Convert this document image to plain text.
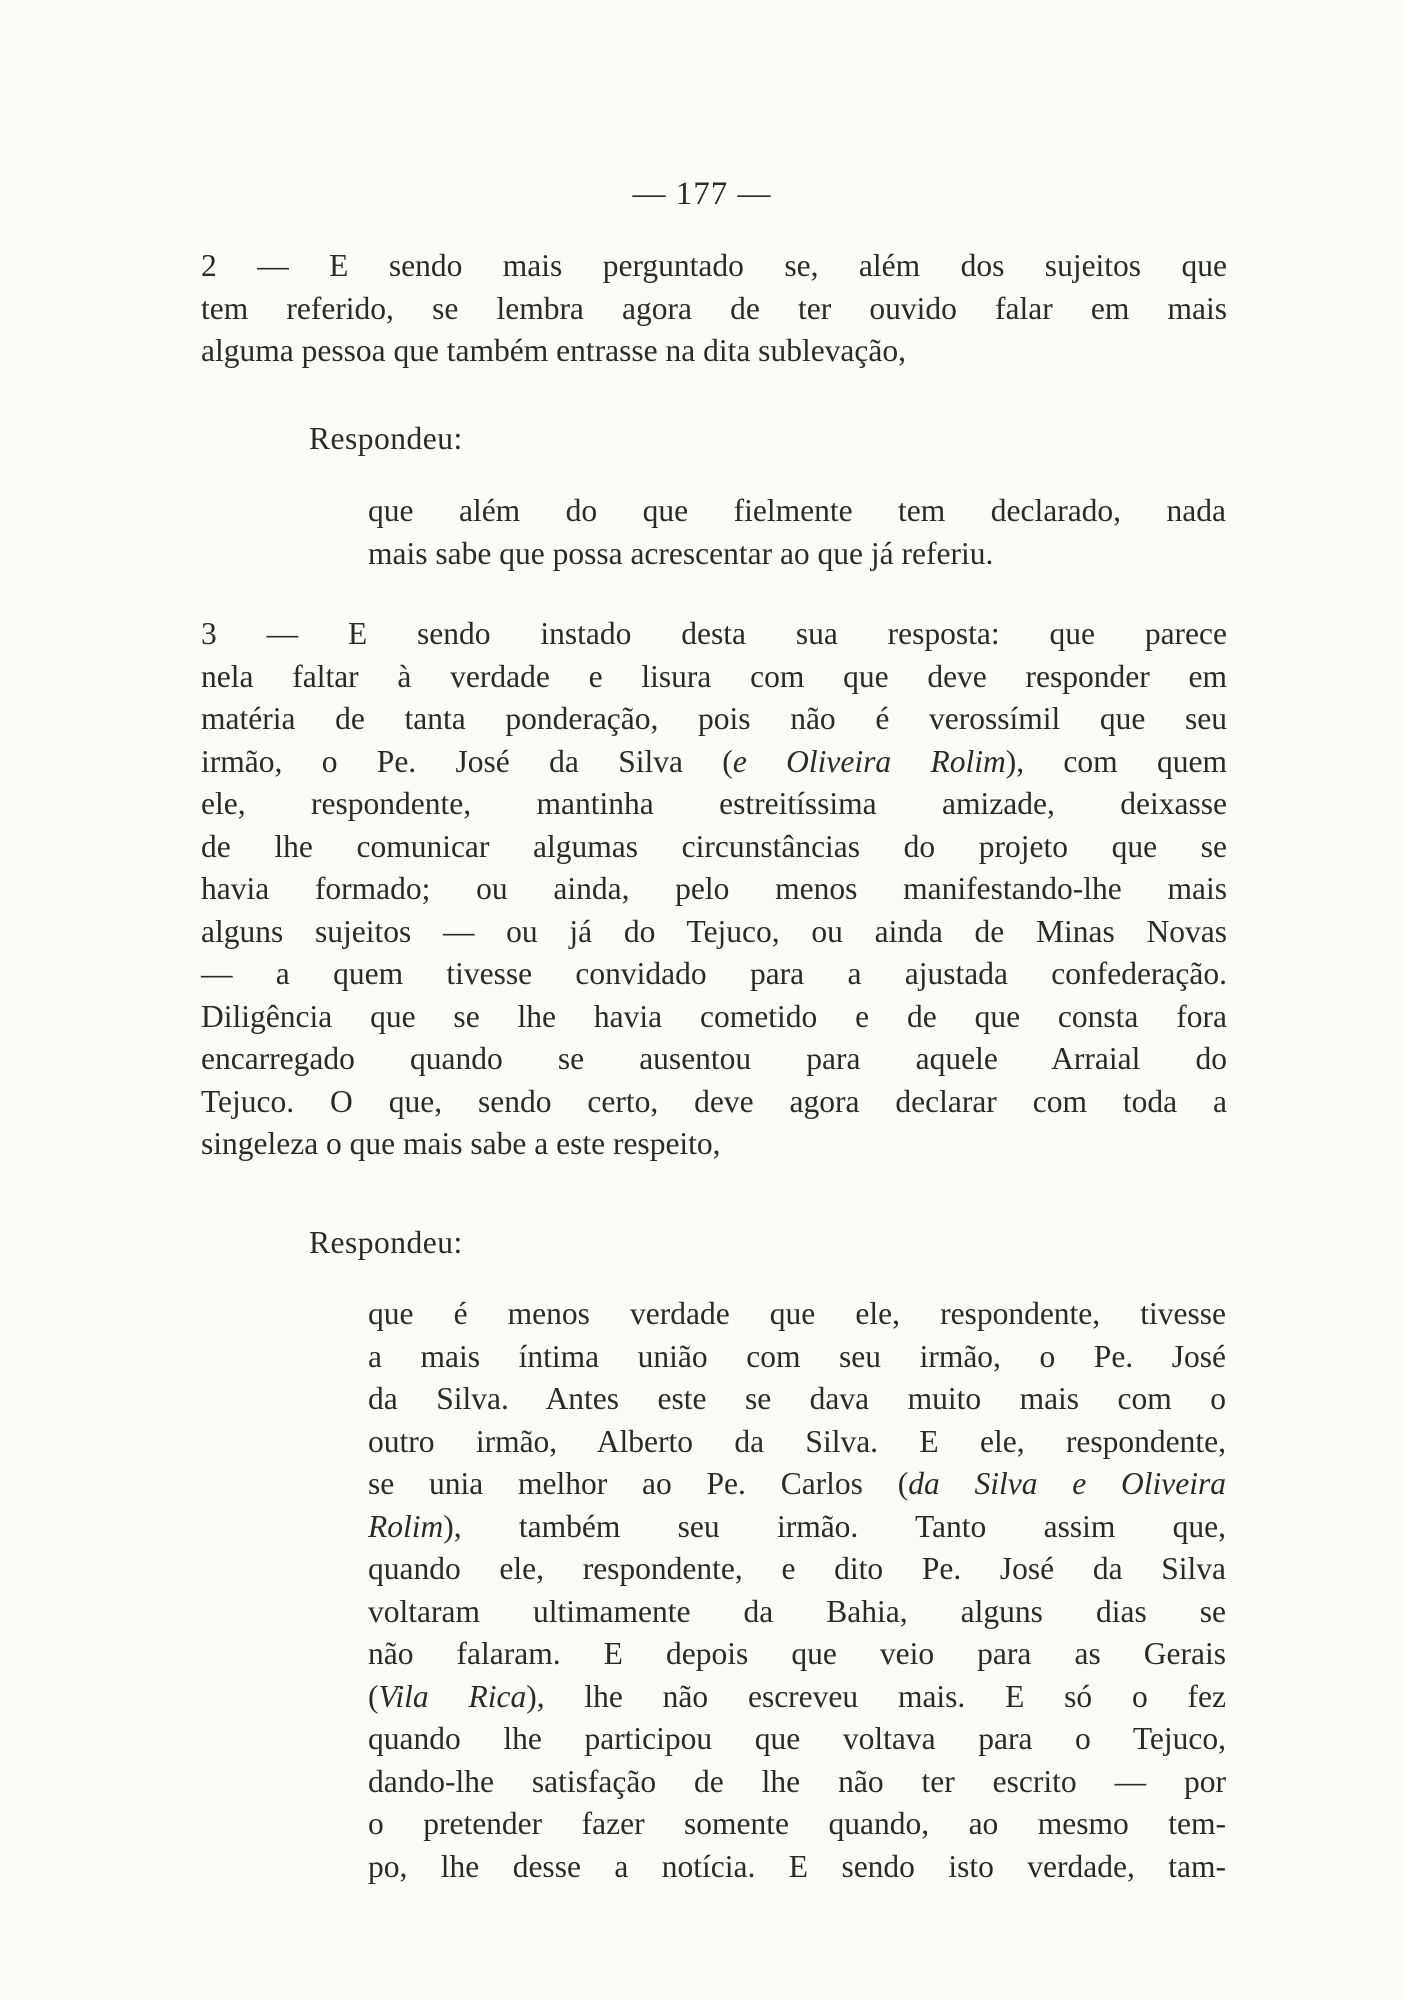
— 177 —
2 — E sendo mais perguntado se, além dos sujeitos que
tem referido, se lembra agora de ter ouvido falar em mais
alguma pessoa que também entrasse na dita sublevação,
Respondeu:
que além do que fielmente tem declarado, nada
mais sabe que possa acrescentar ao que já referiu.
3 — E sendo instado desta sua resposta: que parece
nela faltar à verdade e lisura com que deve responder em
matéria de tanta ponderação, pois não é verossímil que seu
irmão, o Pe. José da Silva (e Oliveira Rolim), com quem
ele, respondente, mantinha estreitíssima amizade, deixasse
de lhe comunicar algumas circunstâncias do projeto que se
havia formado; ou ainda, pelo menos manifestando-lhe mais
alguns sujeitos — ou já do Tejuco, ou ainda de Minas Novas
— a quem tivesse convidado para a ajustada confederação.
Diligência que se lhe havia cometido e de que consta fora
encarregado quando se ausentou para aquele Arraial do
Tejuco. O que, sendo certo, deve agora declarar com toda a
singeleza o que mais sabe a este respeito,
Respondeu:
que é menos verdade que ele, respondente, tivesse
a mais íntima união com seu irmão, o Pe. José
da Silva. Antes este se dava muito mais com o
outro irmão, Alberto da Silva. E ele, respondente,
se unia melhor ao Pe. Carlos (da Silva e Oliveira
Rolim), também seu irmão. Tanto assim que,
quando ele, respondente, e dito Pe. José da Silva
voltaram ultimamente da Bahia, alguns dias se
não falaram. E depois que veio para as Gerais
(Vila Rica), lhe não escreveu mais. E só o fez
quando lhe participou que voltava para o Tejuco,
dando-lhe satisfação de lhe não ter escrito — por
o pretender fazer somente quando, ao mesmo tem-
po, lhe desse a notícia. E sendo isto verdade, tam-
